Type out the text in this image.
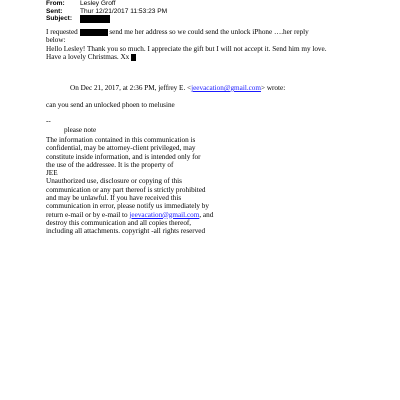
From:	Lesley Groff
Sent:	Thur 12/21/2017 11:53:23 PM
Subject:
I requested	send me her address so we could send the unlock iPhone ….her reply
below:
Hello Lesley! Thank you so much. I appreciate the gift but I will not accept it. Send him my love.
Have a lovely Christmas. Xx
On Dec 21, 2017, at 2:36 PM, jeffrey E. <jeevacation@gmail.com> wrote:
can you send an unlocked phoen to melusine
--
please note
The information contained in this communication is
confidential, may be attorney-client privileged, may
constitute inside information, and is intended only for
the use of the addressee. It is the property of
JEE
Unauthorized use, disclosure or copying of this
communication or any part thereof is strictly prohibited
and may be unlawful. If you have received this
communication in error, please notify us immediately by
return e-mail or by e-mail to jeevacation@gmail.com, and
destroy this communication and all copies thereof,
including all attachments. copyright -all rights reserved
